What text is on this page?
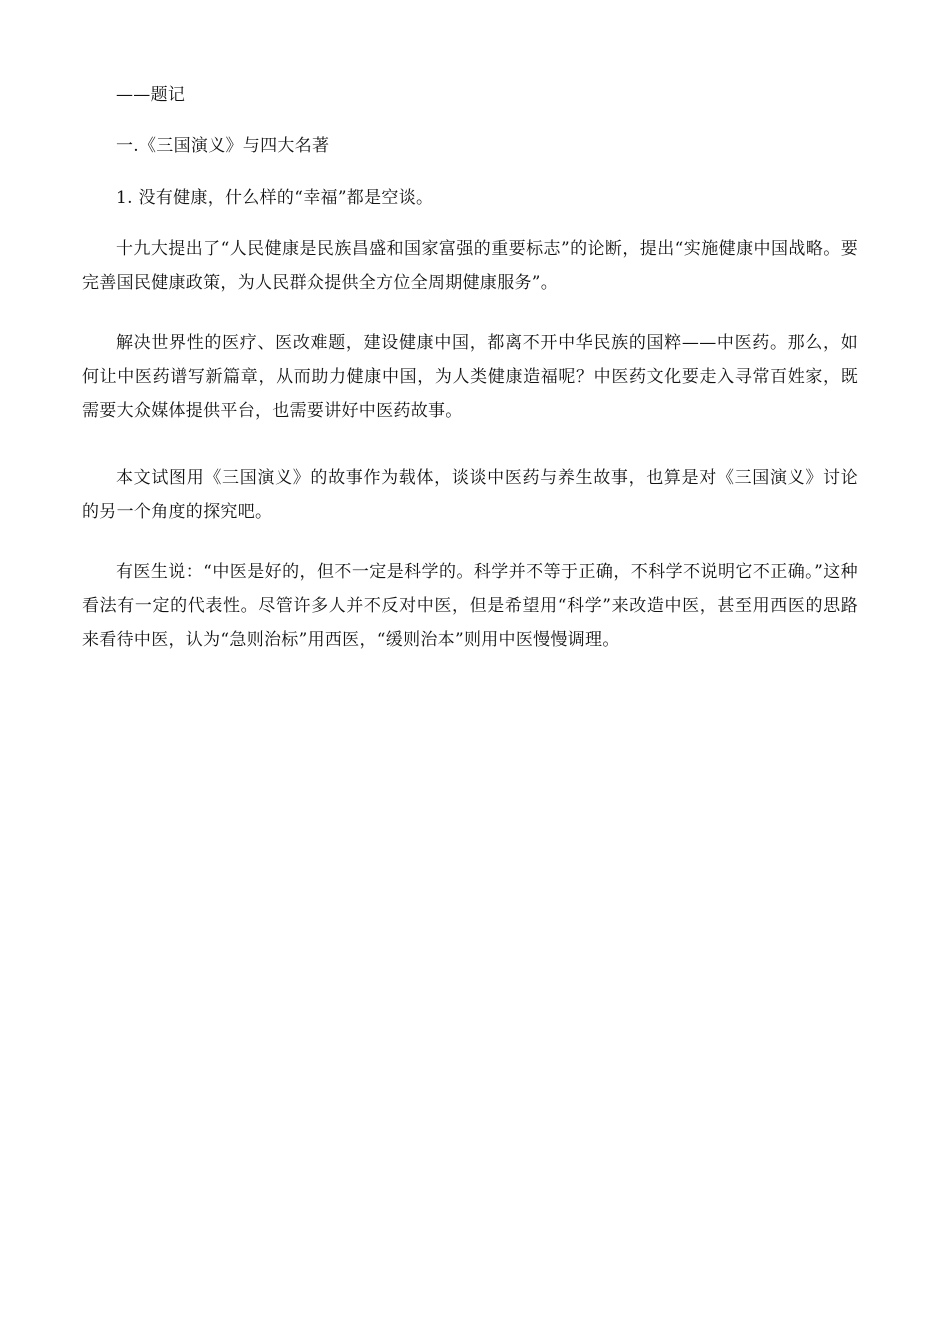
——题记

一.《三国演义》与四大名著

1. 没有健康，什么样的“幸福”都是空谈。

十九大提出了“人民健康是民族昌盛和国家富强的重要标志”的论断，提出“实施健康中国战略。要完善国民健康政策，为人民群众提供全方位全周期健康服务”。

解决世界性的医疗、医改难题，建设健康中国，都离不开中华民族的国粹——中医药。那么，如何让中医药谱写新篇章，从而助力健康中国，为人类健康造福呢？中医药文化要走入寻常百姓家，既需要大众媒体提供平台，也需要讲好中医药故事。

本文试图用《三国演义》的故事作为载体，谈谈中医药与养生故事，也算是对《三国演义》讨论的另一个角度的探究吧。

有医生说：“中医是好的，但不一定是科学的。科学并不等于正确，不科学不说明它不正确。”这种看法有一定的代表性。尽管许多人并不反对中医，但是希望用“科学”来改造中医，甚至用西医的思路来看待中医，认为“急则治标”用西医，“缓则治本”则用中医慢慢调理。
